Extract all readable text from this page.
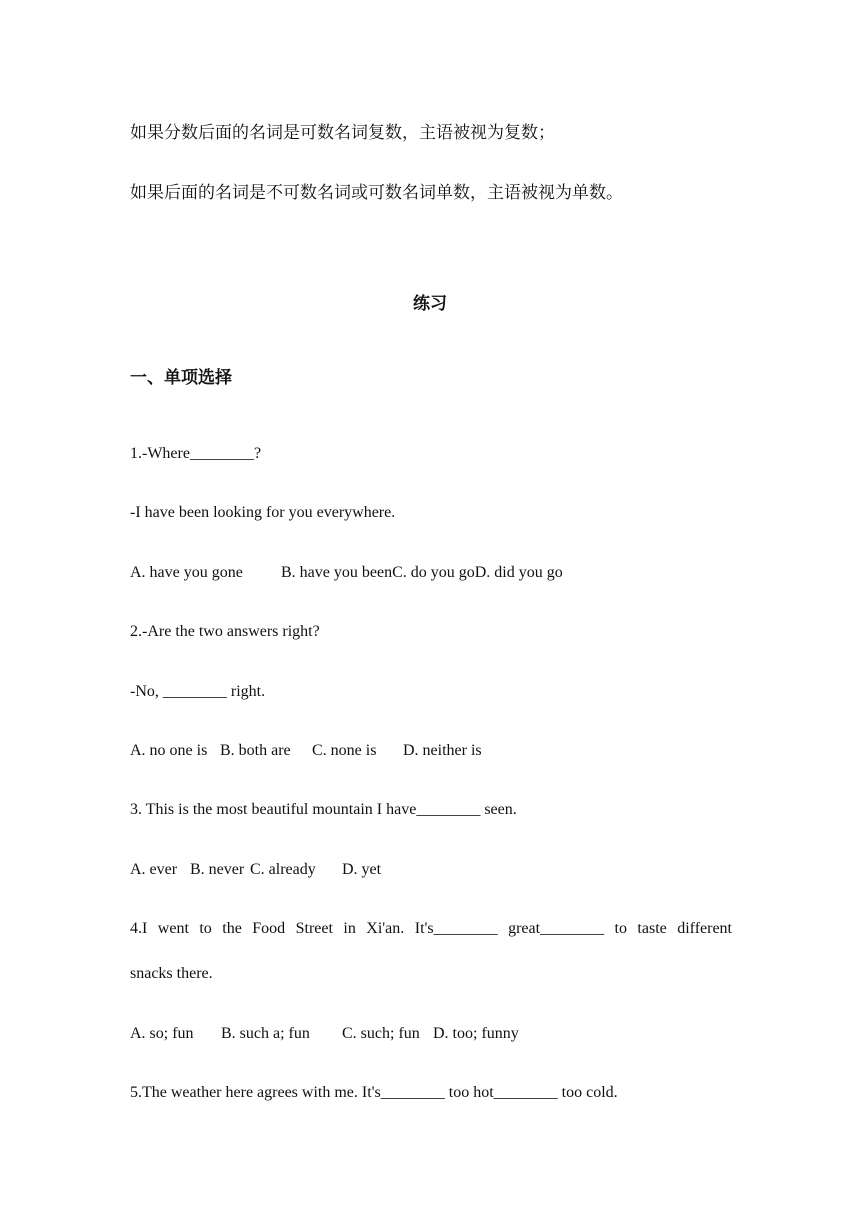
如果分数后面的名词是可数名词复数，主语被视为复数；
如果后面的名词是不可数名词或可数名词单数，主语被视为单数。
练习
一、单项选择
1.-Where________?
-I have been looking for you everywhere.
A. have you gone B. have you beenC. do you goD. did you go
2.-Are the two answers right?
-No, ________ right.
A. no one is B. both are C. none is D. neither is
3. This is the most beautiful mountain I have________ seen.
A. ever B. never C. already D. yet
4.I went to the Food Street in Xi'an. It's________ great________ to taste different
snacks there.
A. so; fun B. such a; fun C. such; fun D. too; funny
5.The weather here agrees with me. It's________ too hot________ too cold.
